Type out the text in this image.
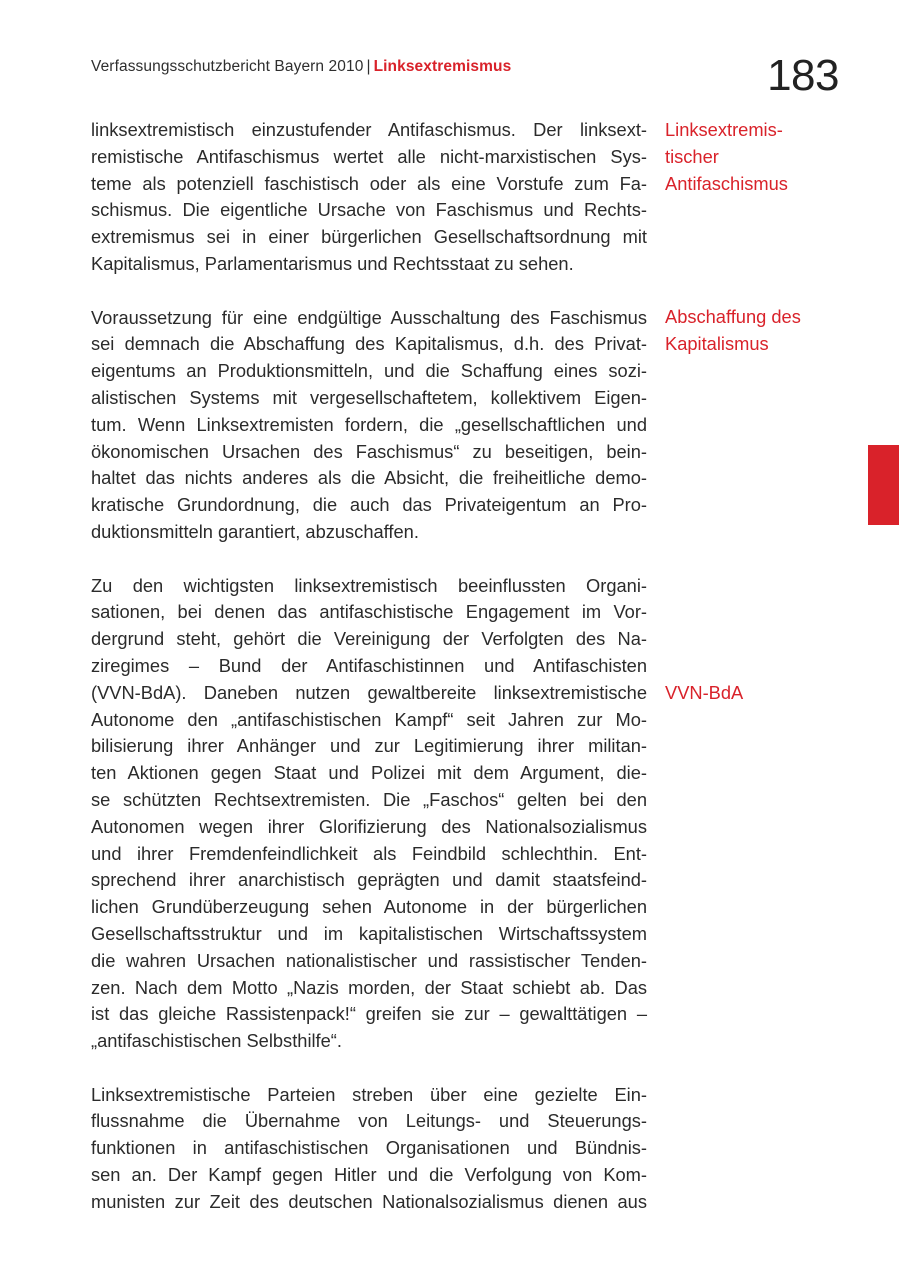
Verfassungsschutzbericht Bayern 2010 | Linksextremismus	183

linksextremistisch einzustufender Antifaschismus. Der linksext-
remistische Antifaschismus wertet alle nicht-marxistischen Sys-
teme als potenziell faschistisch oder als eine Vorstufe zum Fa-
schismus. Die eigentliche Ursache von Faschismus und Rechts-
extremismus sei in einer bürgerlichen Gesellschaftsordnung mit
Kapitalismus, Parlamentarismus und Rechtsstaat zu sehen.

Voraussetzung für eine endgültige Ausschaltung des Faschismus
sei demnach die Abschaffung des Kapitalismus, d.h. des Privat-
eigentums an Produktionsmitteln, und die Schaffung eines sozi-
alistischen Systems mit vergesellschaftetem, kollektivem Eigen-
tum. Wenn Linksextremisten fordern, die „gesellschaftlichen und
ökonomischen Ursachen des Faschismus“ zu beseitigen, bein-
haltet das nichts anderes als die Absicht, die freiheitliche demo-
kratische Grundordnung, die auch das Privateigentum an Pro-
duktionsmitteln garantiert, abzuschaffen.

Zu den wichtigsten linksextremistisch beeinflussten Organi-
sationen, bei denen das antifaschistische Engagement im Vor-
dergrund steht, gehört die Vereinigung der Verfolgten des Na-
ziregimes – Bund der Antifaschistinnen und Antifaschisten
(VVN-BdA). Daneben nutzen gewaltbereite linksextremistische
Autonome den „antifaschistischen Kampf“ seit Jahren zur Mo-
bilisierung ihrer Anhänger und zur Legitimierung ihrer militan-
ten Aktionen gegen Staat und Polizei mit dem Argument, die-
se schützten Rechtsextremisten. Die „Faschos“ gelten bei den
Autonomen wegen ihrer Glorifizierung des Nationalsozialismus
und ihrer Fremdenfeindlichkeit als Feindbild schlechthin. Ent-
sprechend ihrer anarchistisch geprägten und damit staatsfeind-
lichen Grundüberzeugung sehen Autonome in der bürgerlichen
Gesellschaftsstruktur und im kapitalistischen Wirtschaftssystem
die wahren Ursachen nationalistischer und rassistischer Tenden-
zen. Nach dem Motto „Nazis morden, der Staat schiebt ab. Das
ist das gleiche Rassistenpack!“ greifen sie zur – gewalttätigen –
„antifaschistischen Selbsthilfe“.

Linksextremistische Parteien streben über eine gezielte Ein-
flussnahme die Übernahme von Leitungs- und Steuerungs-
funktionen in antifaschistischen Organisationen und Bündnis-
sen an. Der Kampf gegen Hitler und die Verfolgung von Kom-
munisten zur Zeit des deutschen Nationalsozialismus dienen aus

Linksextremis-
tischer
Antifaschismus
Abschaffung des
Kapitalismus
VVN-BdA
